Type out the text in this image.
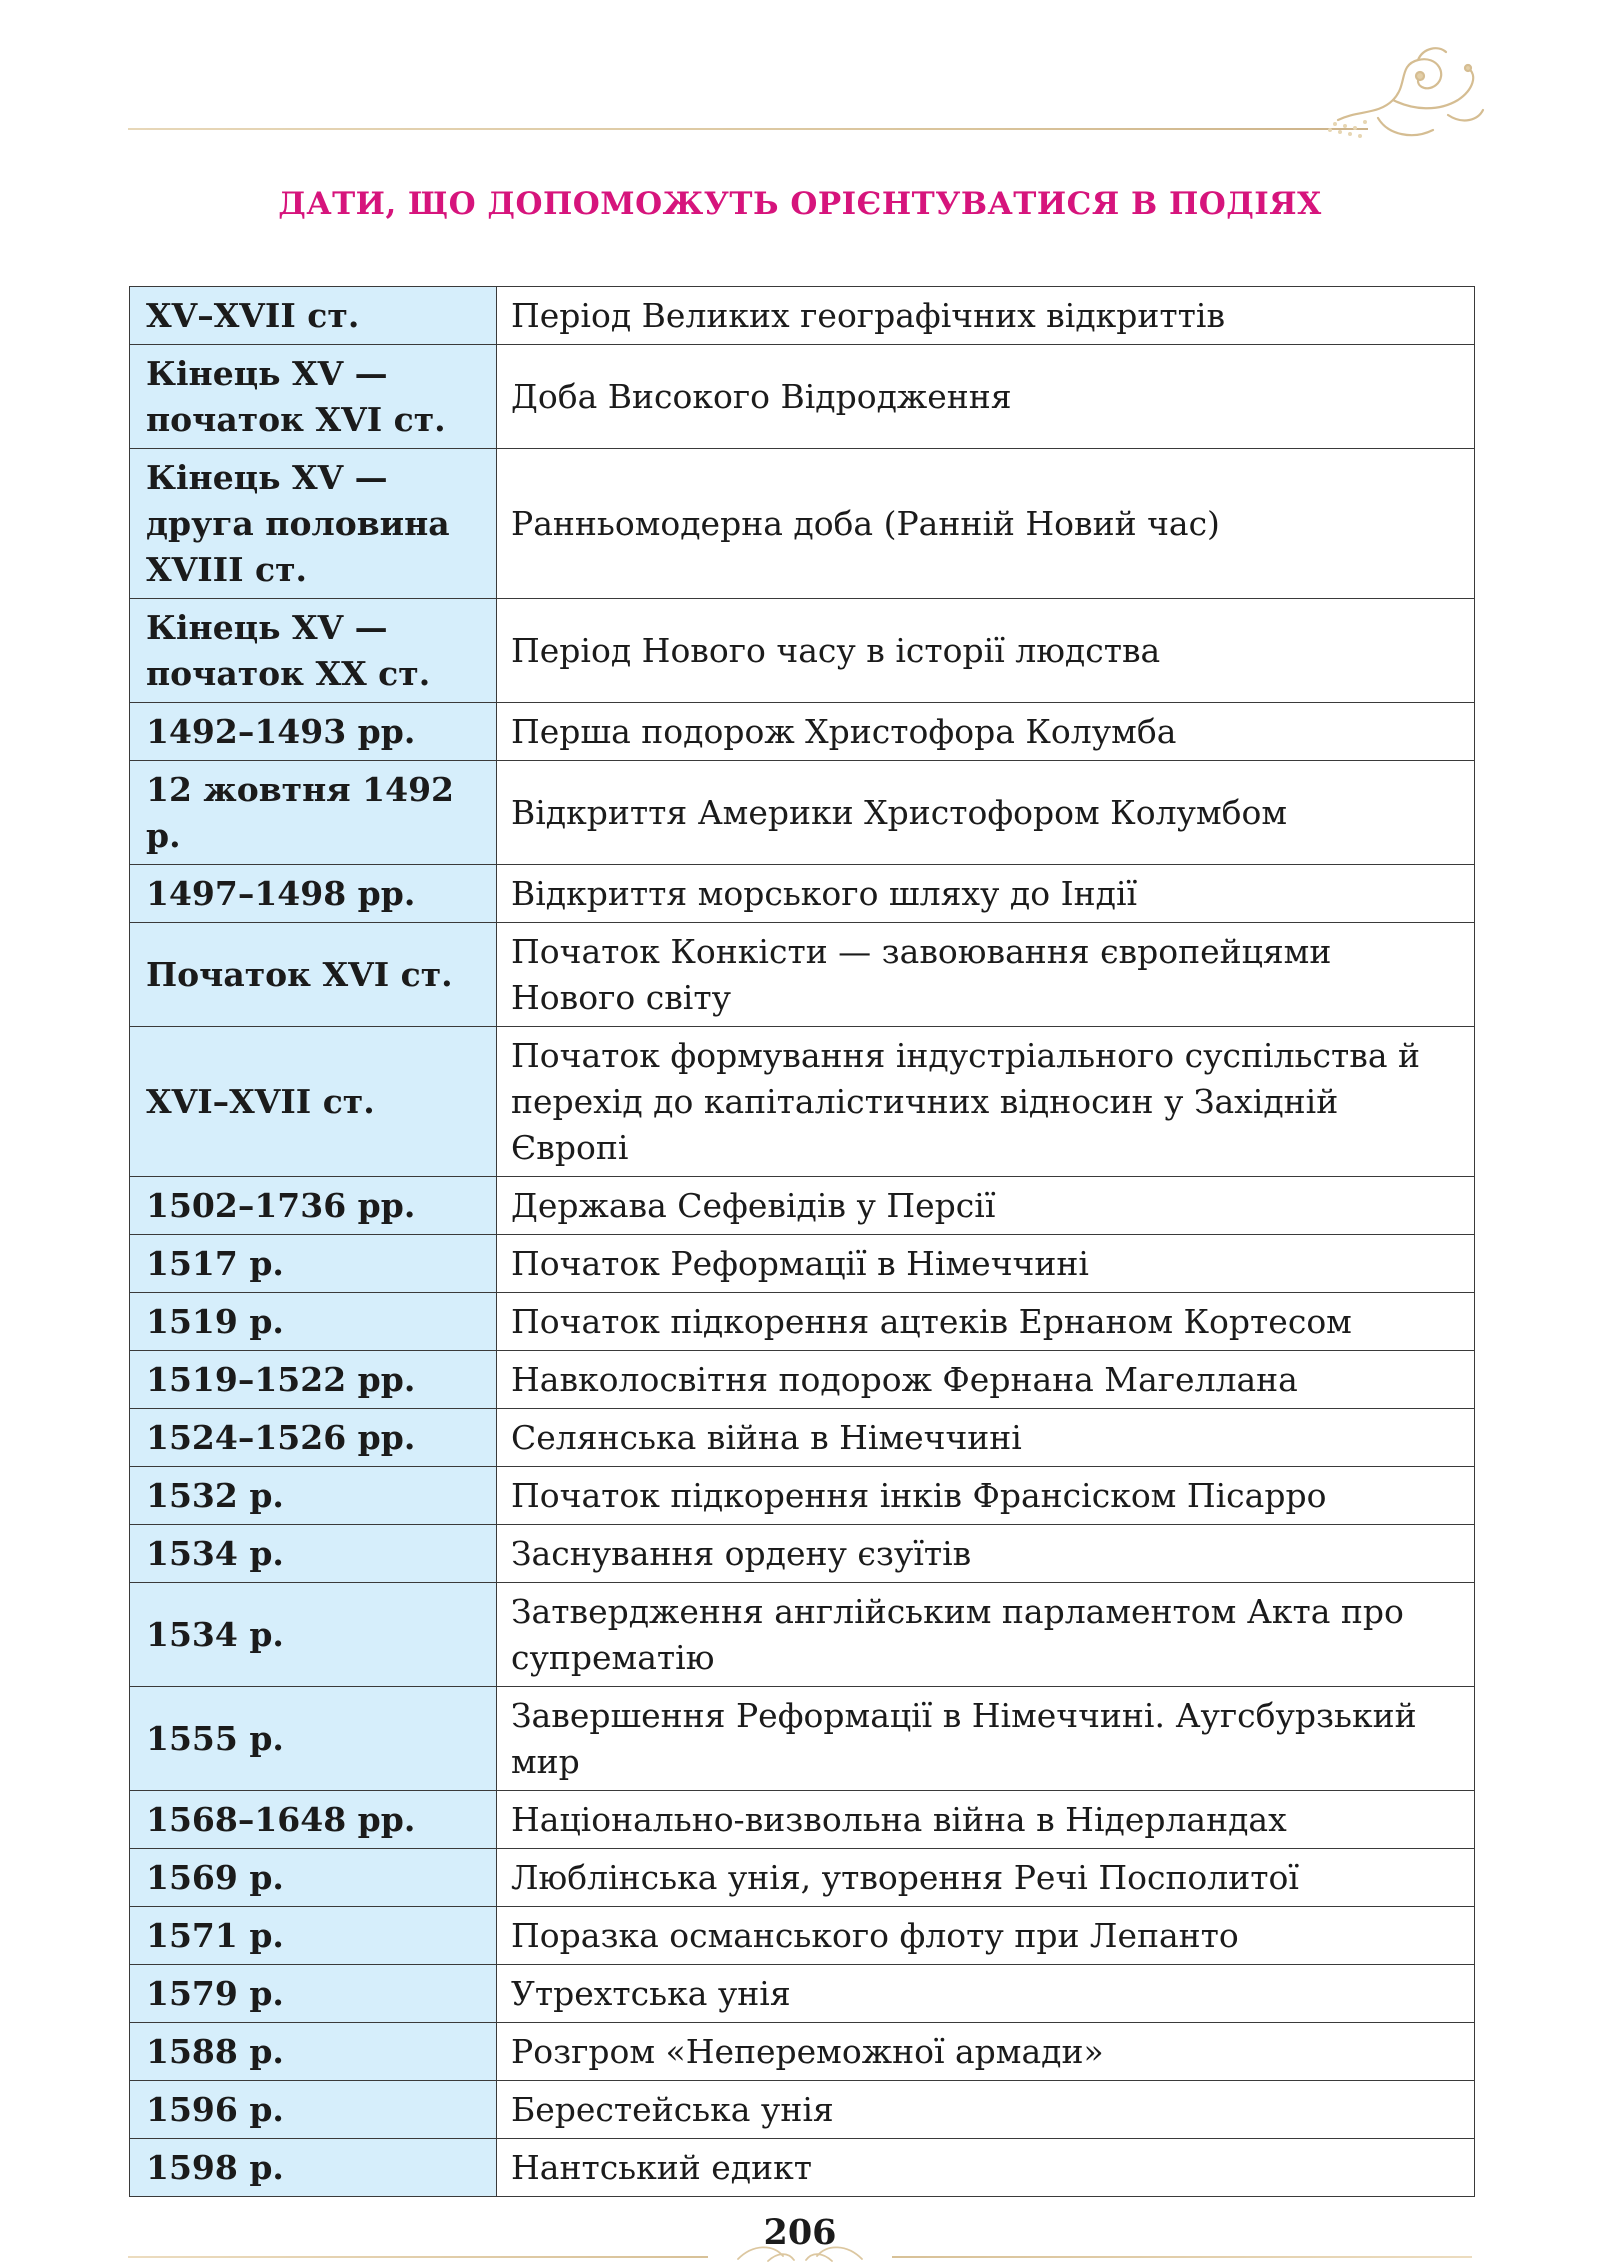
ДАТИ, ЩО ДОПОМОЖУТЬ ОРІЄНТУВАТИСЯ В ПОДІЯХ
XV–XVII ст.	Період Великих географічних відкриттів
Кінець XV — початок XVI ст.	Доба Високого Відродження
Кінець XV — друга половина XVIII ст.	Ранньомодерна доба (Ранній Новий час)
Кінець XV — початок XX ст.	Період Нового часу в історії людства
1492–1493 рр.	Перша подорож Христофора Колумба
12 жовтня 1492 р.	Відкриття Америки Христофором Колумбом
1497–1498 рр.	Відкриття морського шляху до Індії
Початок XVI ст.	Початок Конкісти — завоювання європейцями Нового світу
XVI–XVII ст.	Початок формування індустріального суспільства й перехід до капіталістичних відносин у Західній Європі
1502–1736 рр.	Держава Сефевідів у Персії
1517 р.	Початок Реформації в Німеччині
1519 р.	Початок підкорення ацтеків Ернаном Кортесом
1519–1522 рр.	Навколосвітня подорож Фернана Магеллана
1524–1526 рр.	Селянська війна в Німеччині
1532 р.	Початок підкорення інків Франсіском Пісарро
1534 р.	Заснування ордену єзуїтів
1534 р.	Затвердження англійським парламентом Акта про супрематію
1555 р.	Завершення Реформації в Німеччині. Аугсбурзький мир
1568–1648 рр.	Національно-визвольна війна в Нідерландах
1569 р.	Люблінська унія, утворення Речі Посполитої
1571 р.	Поразка османського флоту при Лепанто
1579 р.	Утрехтська унія
1588 р.	Розгром «Непереможної армади»
1596 р.	Берестейська унія
1598 р.	Нантський едикт
206
